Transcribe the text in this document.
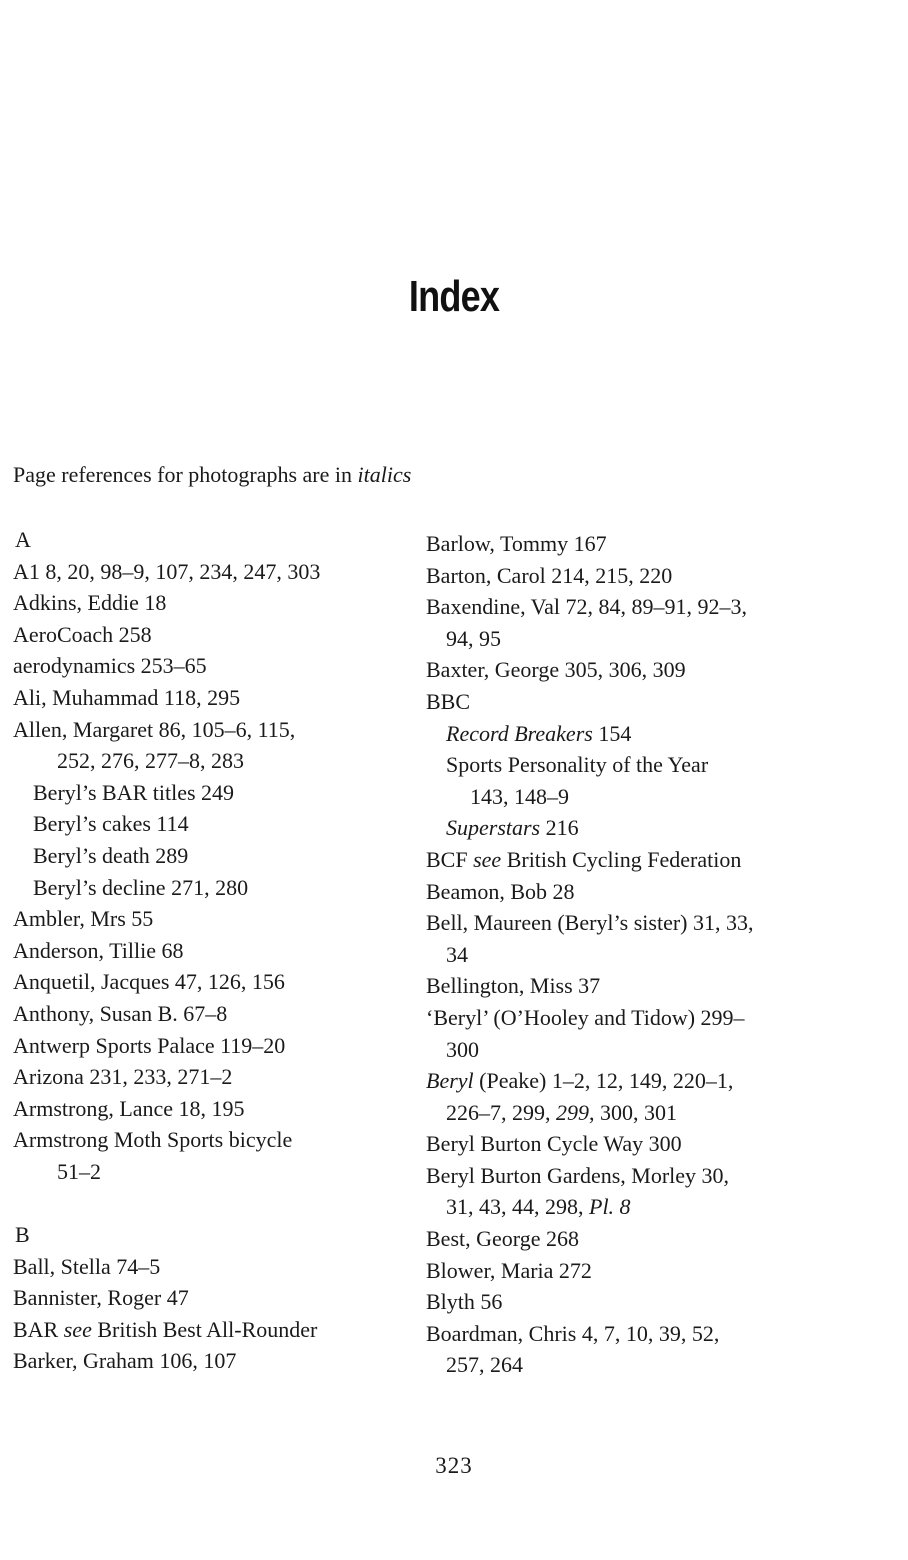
Index
Page references for photographs are in italics
A
A1 8, 20, 98–9, 107, 234, 247, 303
Adkins, Eddie 18
AeroCoach 258
aerodynamics 253–65
Ali, Muhammad 118, 295
Allen, Margaret 86, 105–6, 115,
252, 276, 277–8, 283
Beryl’s BAR titles 249
Beryl’s cakes 114
Beryl’s death 289
Beryl’s decline 271, 280
Ambler, Mrs 55
Anderson, Tillie 68
Anquetil, Jacques 47, 126, 156
Anthony, Susan B. 67–8
Antwerp Sports Palace 119–20
Arizona 231, 233, 271–2
Armstrong, Lance 18, 195
Armstrong Moth Sports bicycle
51–2
B
Ball, Stella 74–5
Bannister, Roger 47
BAR see British Best All-Rounder
Barker, Graham 106, 107
Barlow, Tommy 167
Barton, Carol 214, 215, 220
Baxendine, Val 72, 84, 89–91, 92–3,
94, 95
Baxter, George 305, 306, 309
BBC
Record Breakers 154
Sports Personality of the Year
143, 148–9
Superstars 216
BCF see British Cycling Federation
Beamon, Bob 28
Bell, Maureen (Beryl’s sister) 31, 33,
34
Bellington, Miss 37
‘Beryl’ (O’Hooley and Tidow) 299–
300
Beryl (Peake) 1–2, 12, 149, 220–1,
226–7, 299, 299, 300, 301
Beryl Burton Cycle Way 300
Beryl Burton Gardens, Morley 30,
31, 43, 44, 298, Pl. 8
Best, George 268
Blower, Maria 272
Blyth 56
Boardman, Chris 4, 7, 10, 39, 52,
257, 264
323
